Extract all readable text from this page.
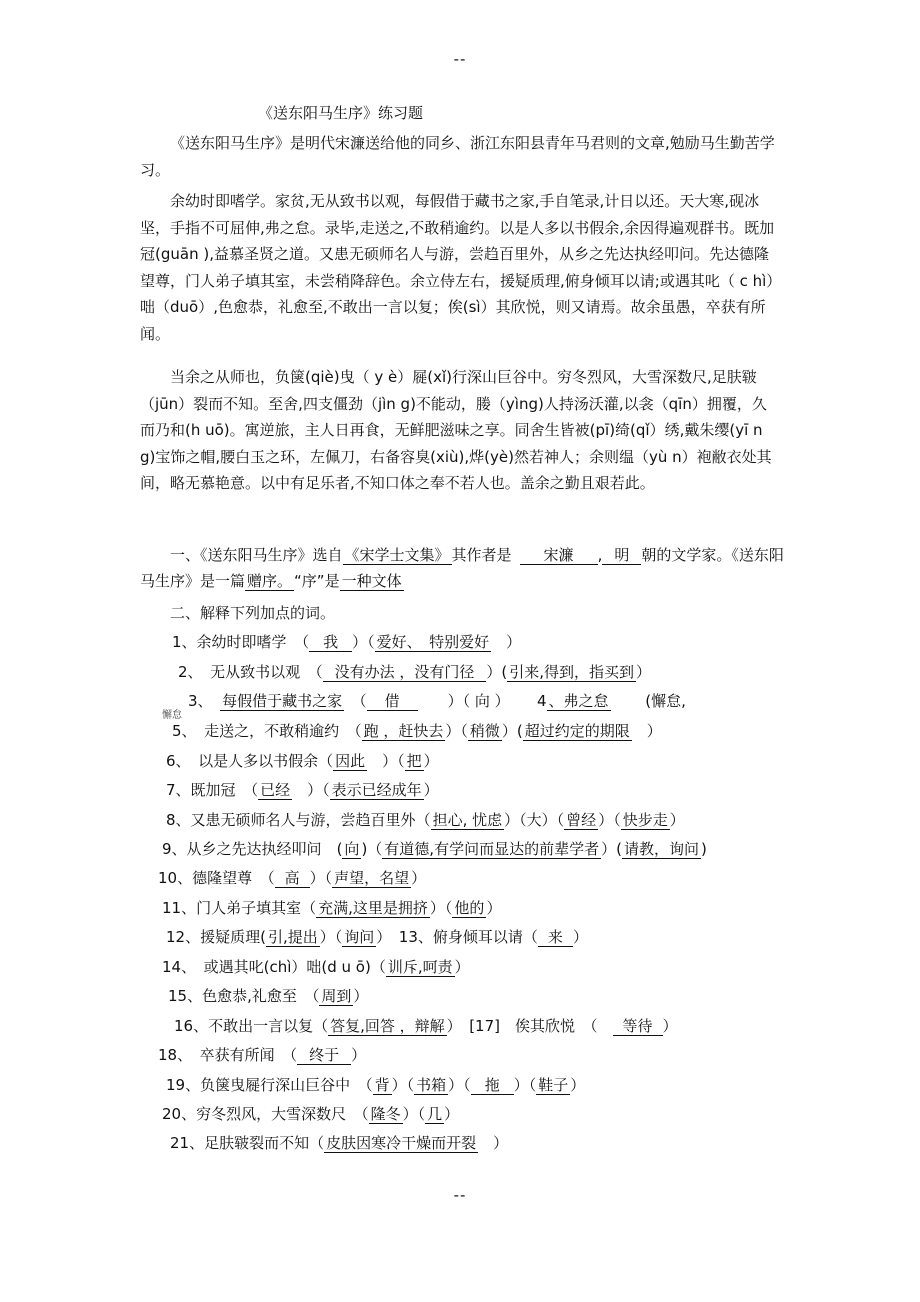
--
《送东阳马生序》练习题
《送东阳马生序》是明代宋濂送给他的同乡、浙江东阳县青年马君则的文章,勉励马生勤苦学习。
余幼时即嗜学。家贫,无从致书以观，每假借于藏书之家,手自笔录,计日以还。天大寒,砚冰坚，手指不可屈伸,弗之怠。录毕,走送之,不敢稍逾约。以是人多以书假余,余因得遍观群书。既加冠(guān ),益慕圣贤之道。又患无硕师名人与游，尝趋百里外，从乡之先达执经叩问。先达德隆望尊，门人弟子填其室，未尝稍降辞色。余立侍左右，援疑质理,俯身倾耳以请;或遇其叱（ c hì）咄（duō）,色愈恭，礼愈至,不敢出一言以复；俟(sì）其欣悦，则又请焉。故余虽愚，卒获有所闻。
当余之从师也，负箧(qiè)曳（ y è）屣(xǐ)行深山巨谷中。穷冬烈风，大雪深数尺,足肤皲（jūn）裂而不知。至舍,四支僵劲（jìn g)不能动，媵（yìng)人持汤沃灌,以衾（qīn）拥覆，久而乃和(h uō)。寓逆旅，主人日再食，无鲜肥滋味之享。同舍生皆被(pī)绮(qǐ）绣,戴朱缨(yī n g)宝饰之帽,腰白玉之环，左佩刀，右备容臭(xiù),烨(yè)然若神人；余则缊（yù n）袍敝衣处其间，略无慕艳意。以中有足乐者,不知口体之奉不若人也。盖余之勤且艰若此。
一、《送东阳马生序》选自 《宋学士文集》 其作者是 宋濂 , 明 朝的文学家。《送东阳马生序》是一篇 赠序。 “序”是 一种文体
二、解释下列加点的词。
1、余幼时即嗜学　（ 我 ）（ 爱好、　特别爱好　）
2、　 无从致书以观　（ 没有办法 ，没有门径 ）( 引来,得到，指买到 ）
3、　 每假借于藏书之家　（ 借　　）（ 向 ）　 　4 、弗之怠　　 (懈怠,
懈怠
5、　 走送之，不敢稍逾约　（ 跑 ，赶快去 ）（ 稍微 ）( 超过约定的期限　）
6、　 以是人多以书假余（ 因此　）（ 把 ）
7、既加冠　（ 已经　）（ 表示已经成年 ）
8、又患无硕师名人与游，尝趋百里外（ 担心, 忧虑 ）（大）（ 曾经 ）（ 快步走 ）
9、从乡之先达执经叩问　( 向 )（ 有道德,有学问而显达的前辈学者 ）( 请教，询问 )
10、德隆望尊　（ 高 ）（ 声望，名望 ）
11、门人弟子填其室（ 充满,这里是拥挤 ）（ 他的 ）
12、援疑质理( 引,提出 ）（ 询问 ）　13、俯身倾耳以请（ 来 ）
14、　 或遇其叱(chì）咄(d u ō)（ 训斥,呵责 ）
15、色愈恭,礼愈至　（ 周到 ）
16、不敢出一言以复（ 答复,回答 ，辩解 ）　[17]　 俟其欣悦　（　等待 ）
18、　 卒获有所闻　（ 终于 ）
19、负箧曳屣行深山巨谷中　（ 背 ）（ 书箱 ）（ 拖 ）（ 鞋子 ）
20、穷冬烈风，大雪深数尺　（ 隆冬 ）（ 几 ）
21、足肤皲裂而不知（ 皮肤因寒冷干燥而开裂　）
--
